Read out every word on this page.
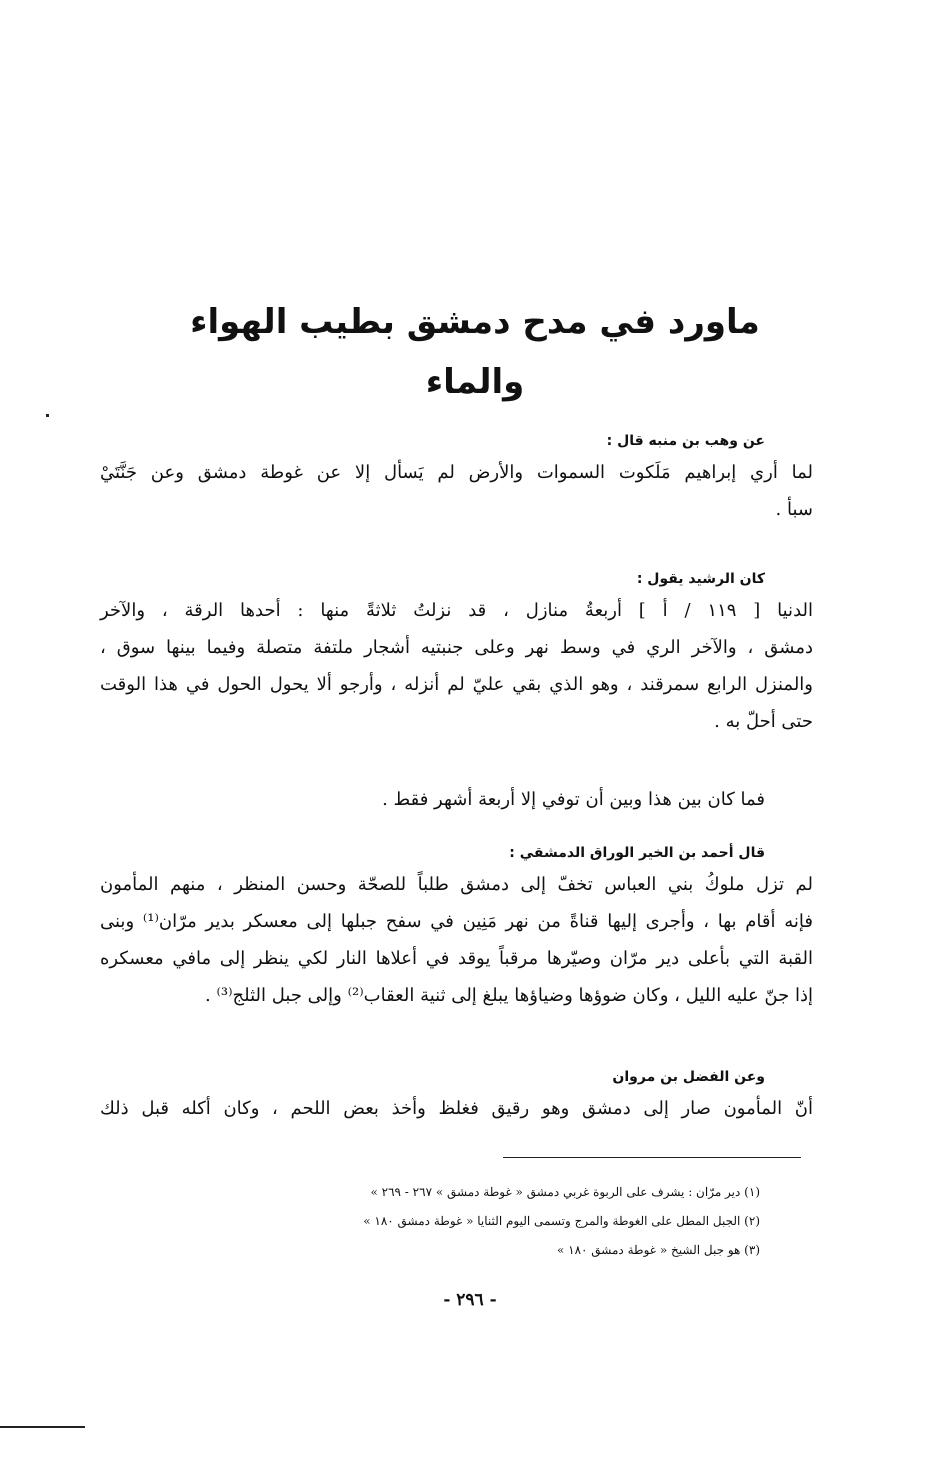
ماورد في مدح دمشق بطيب الهواء والماء

عن وهب بن منبه قال :

لما أري إبراهيم مَلَكوت السموات والأرض لم يَسأل إلا عن غوطة دمشق وعن جَنَّتَيْ

سبأ .

كان الرشيد يقول :

الدنيا [ ١١٩ / أ ] أربعةُ منازل ، قد نزلتُ ثلاثةً منها : أحدها الرقة ، والآخر

دمشق ، والآخر الري في وسط نهر وعلى جنبتيه أشجار ملتفة متصلة وفيما بينها سوق ،

والمنزل الرابع سمرقند ، وهو الذي بقي عليّ لم أنزله ، وأرجو ألا يحول الحول في هذا الوقت

حتى أحلّ به .

فما كان بين هذا وبين أن توفي إلا أربعة أشهر فقط .

قال أحمد بن الخير الوراق الدمشقي :

لم تزل ملوكُ بني العباس تخفّ إلى دمشق طلباً للصحّة وحسن المنظر ، منهم المأمون

فإنه أقام بها ، وأجرى إليها قناةً من نهر مَنِين في سفح جبلها إلى معسكر بدير مرّان⁽¹⁾ وبنى

القبة التي بأعلى دير مرّان وصيّرها مرقباً يوقد في أعلاها النار لكي ينظر إلى مافي معسكره

إذا جنّ عليه الليل ، وكان ضوؤها وضياؤها يبلغ إلى ثنية العقاب⁽²⁾ وإلى جبل الثلج⁽³⁾ .

وعن الفضل بن مروان

أنّ المأمون صار إلى دمشق وهو رقيق فغلظ وأخذ بعض اللحم ، وكان أكله قبل ذلك

(١) دير مرّان : يشرف على الربوة غربي دمشق « غوطة دمشق » ٢٦٧ - ٢٦٩ »

(٢) الجبل المطل على الغوطة والمرج وتسمى اليوم الثنايا « غوطة دمشق ١٨٠ »

(٣) هو جبل الشيخ « غوطة دمشق ١٨٠ »

- ٢٩٦ -
